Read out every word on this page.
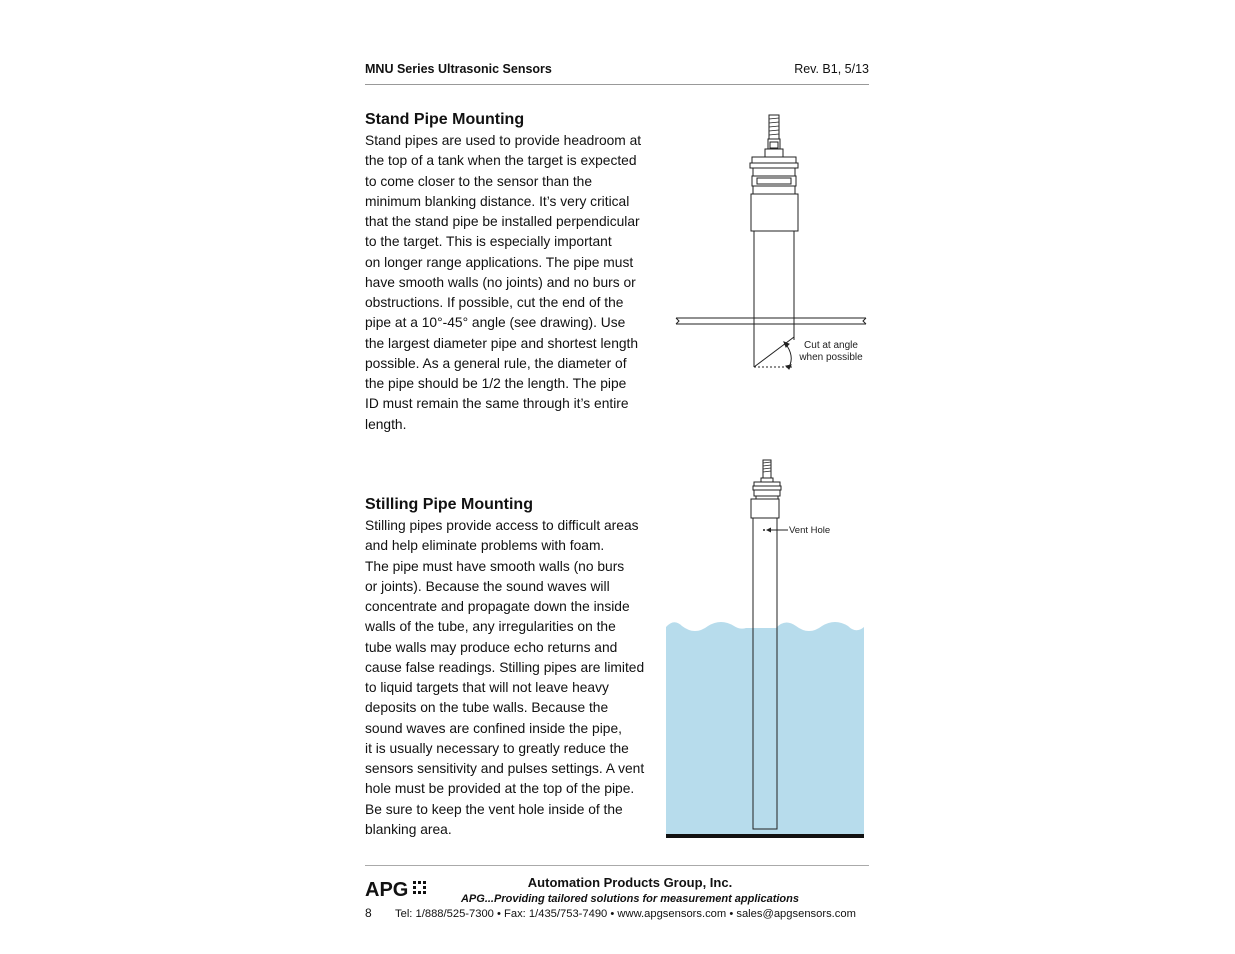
MNU Series Ultrasonic Sensors	Rev. B1, 5/13
Stand Pipe Mounting

Stand pipes are used to provide headroom at
the top of a tank when the target is expected
to come closer to the sensor than the
minimum blanking distance. It’s very critical
that the stand pipe be installed perpendicular
to the target. This is especially important
on longer range applications. The pipe must
have smooth walls (no joints) and no burs or
obstructions. If possible, cut the end of the
pipe at a 10°-45° angle (see drawing). Use
the largest diameter pipe and shortest length
possible. As a general rule, the diameter of
the pipe should be 1/2 the length. The pipe
ID must remain the same through it’s entire
length.

Cut at angle
when possible
Stilling Pipe Mounting

Stilling pipes provide access to difficult areas
and help eliminate problems with foam.
The pipe must have smooth walls (no burs
or joints). Because the sound waves will
concentrate and propagate down the inside
walls of the tube, any irregularities on the
tube walls may produce echo returns and
cause false readings. Stilling pipes are limited
to liquid targets that will not leave heavy
deposits on the tube walls. Because the
sound waves are confined inside the pipe,
it is usually necessary to greatly reduce the
sensors sensitivity and pulses settings. A vent
hole must be provided at the top of the pipe.
Be sure to keep the vent hole inside of the
blanking area.

Vent Hole
APG	Automation Products Group, Inc.
APG...Providing tailored solutions for measurement applications
8 Tel: 1/888/525-7300 • Fax: 1/435/753-7490 • www.apgsensors.com • sales@apgsensors.com
